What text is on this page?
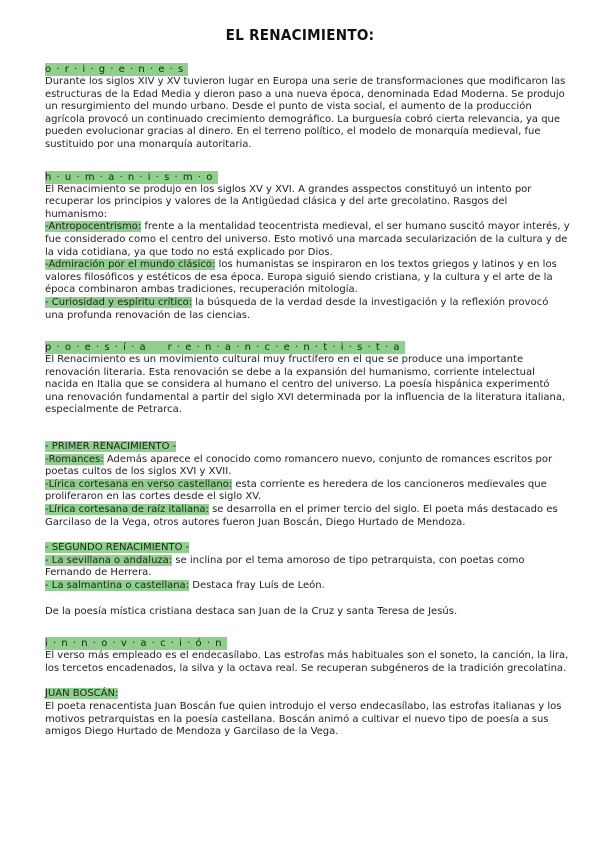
EL RENACIMIENTO:
o·r·i·g·e·n·e·s

Durante los siglos XIV y XV tuvieron lugar en Europa una serie de transformaciones que modificaron las estructuras de la Edad Media y dieron paso a una nueva época, denominada Edad Moderna. Se produjo un resurgimiento del mundo urbano. Desde el punto de vista social, el aumento de la producción agrícola provocó un continuado crecimiento demográfico. La burguesía cobró cierta relevancia, ya que pueden evolucionar gracias al dinero. En el terreno político, el modelo de monarquía medieval, fue sustituido por una monarquía autoritaria.

h·u·m·a·n·i·s·m·o

El Renacimiento se produjo en los siglos XV y XVI. A grandes asspectos constituyó un intento por recuperar los principios y valores de la Antigüedad clásica y del arte grecolatino. Rasgos del humanismo:

-Antropocentrismo: frente a la mentalidad teocentrista medieval, el ser humano suscitó mayor interés, y fue considerado como el centro del universo. Esto motivó una marcada secularización de la cultura y de la vida cotidiana, ya que todo no está explicado por Dios.

-Admiración por el mundo clásico: los humanistas se inspiraron en los textos griegos y latinos y en los valores filosóficos y estéticos de esa época. Europa siguió siendo cristiana, y la cultura y el arte de la época combinaron ambas tradiciones, recuperación mitología.

- Curiosidad y espíritu crítico: la búsqueda de la verdad desde la investigación y la reflexión provocó una profunda renovación de las ciencias.

p·o·e·s·í·a  r·e·n·a·n·c·e·n·t·i·s·t·a

El Renacimiento es un movimiento cultural muy fructífero en el que se produce una importante renovación literaria. Esta renovación se debe a la expansión del humanismo, corriente intelectual nacida en Italia que se considera al humano el centro del universo. La poesía hispánica experimentó una renovación fundamental a partir del siglo XVI determinada por la influencia de la literatura italiana, especialmente de Petrarca.

- PRIMER RENACIMIENTO -

-Romances: Además aparece el conocido como romancero nuevo, conjunto de romances escritos por poetas cultos de los siglos XVI y XVII.

-Lírica cortesana en verso castellano: esta corriente es heredera de los cancioneros medievales que proliferaron en las cortes desde el siglo XV.

-Lírica cortesana de raíz italiana: se desarrolla en el primer tercio del siglo. El poeta más destacado es Garcilaso de la Vega, otros autores fueron Juan Boscán, Diego Hurtado de Mendoza.

- SEGUNDO RENACIMIENTO -

- La sevillana o andaluza: se inclina por el tema amoroso de tipo petrarquista, con poetas como Fernando de Herrera.

- La salmantina o castellana: Destaca fray Luís de León.

De la poesía mística cristiana destaca san Juan de la Cruz y santa Teresa de Jesús.

i·n·n·o·v·a·c·i·ó·n

El verso más empleado es el endecasílabo. Las estrofas más habituales son el soneto, la canción, la lira, los tercetos encadenados, la silva y la octava real. Se recuperan subgéneros de la tradición grecolatina.

JUAN BOSCÁN:

El poeta renacentista Juan Boscán fue quien introdujo el verso endecasílabo, las estrofas italianas y los motivos petrarquistas en la poesía castellana. Boscán animó a cultivar el nuevo tipo de poesía a sus amigos Diego Hurtado de Mendoza y Garcilaso de la Vega.
